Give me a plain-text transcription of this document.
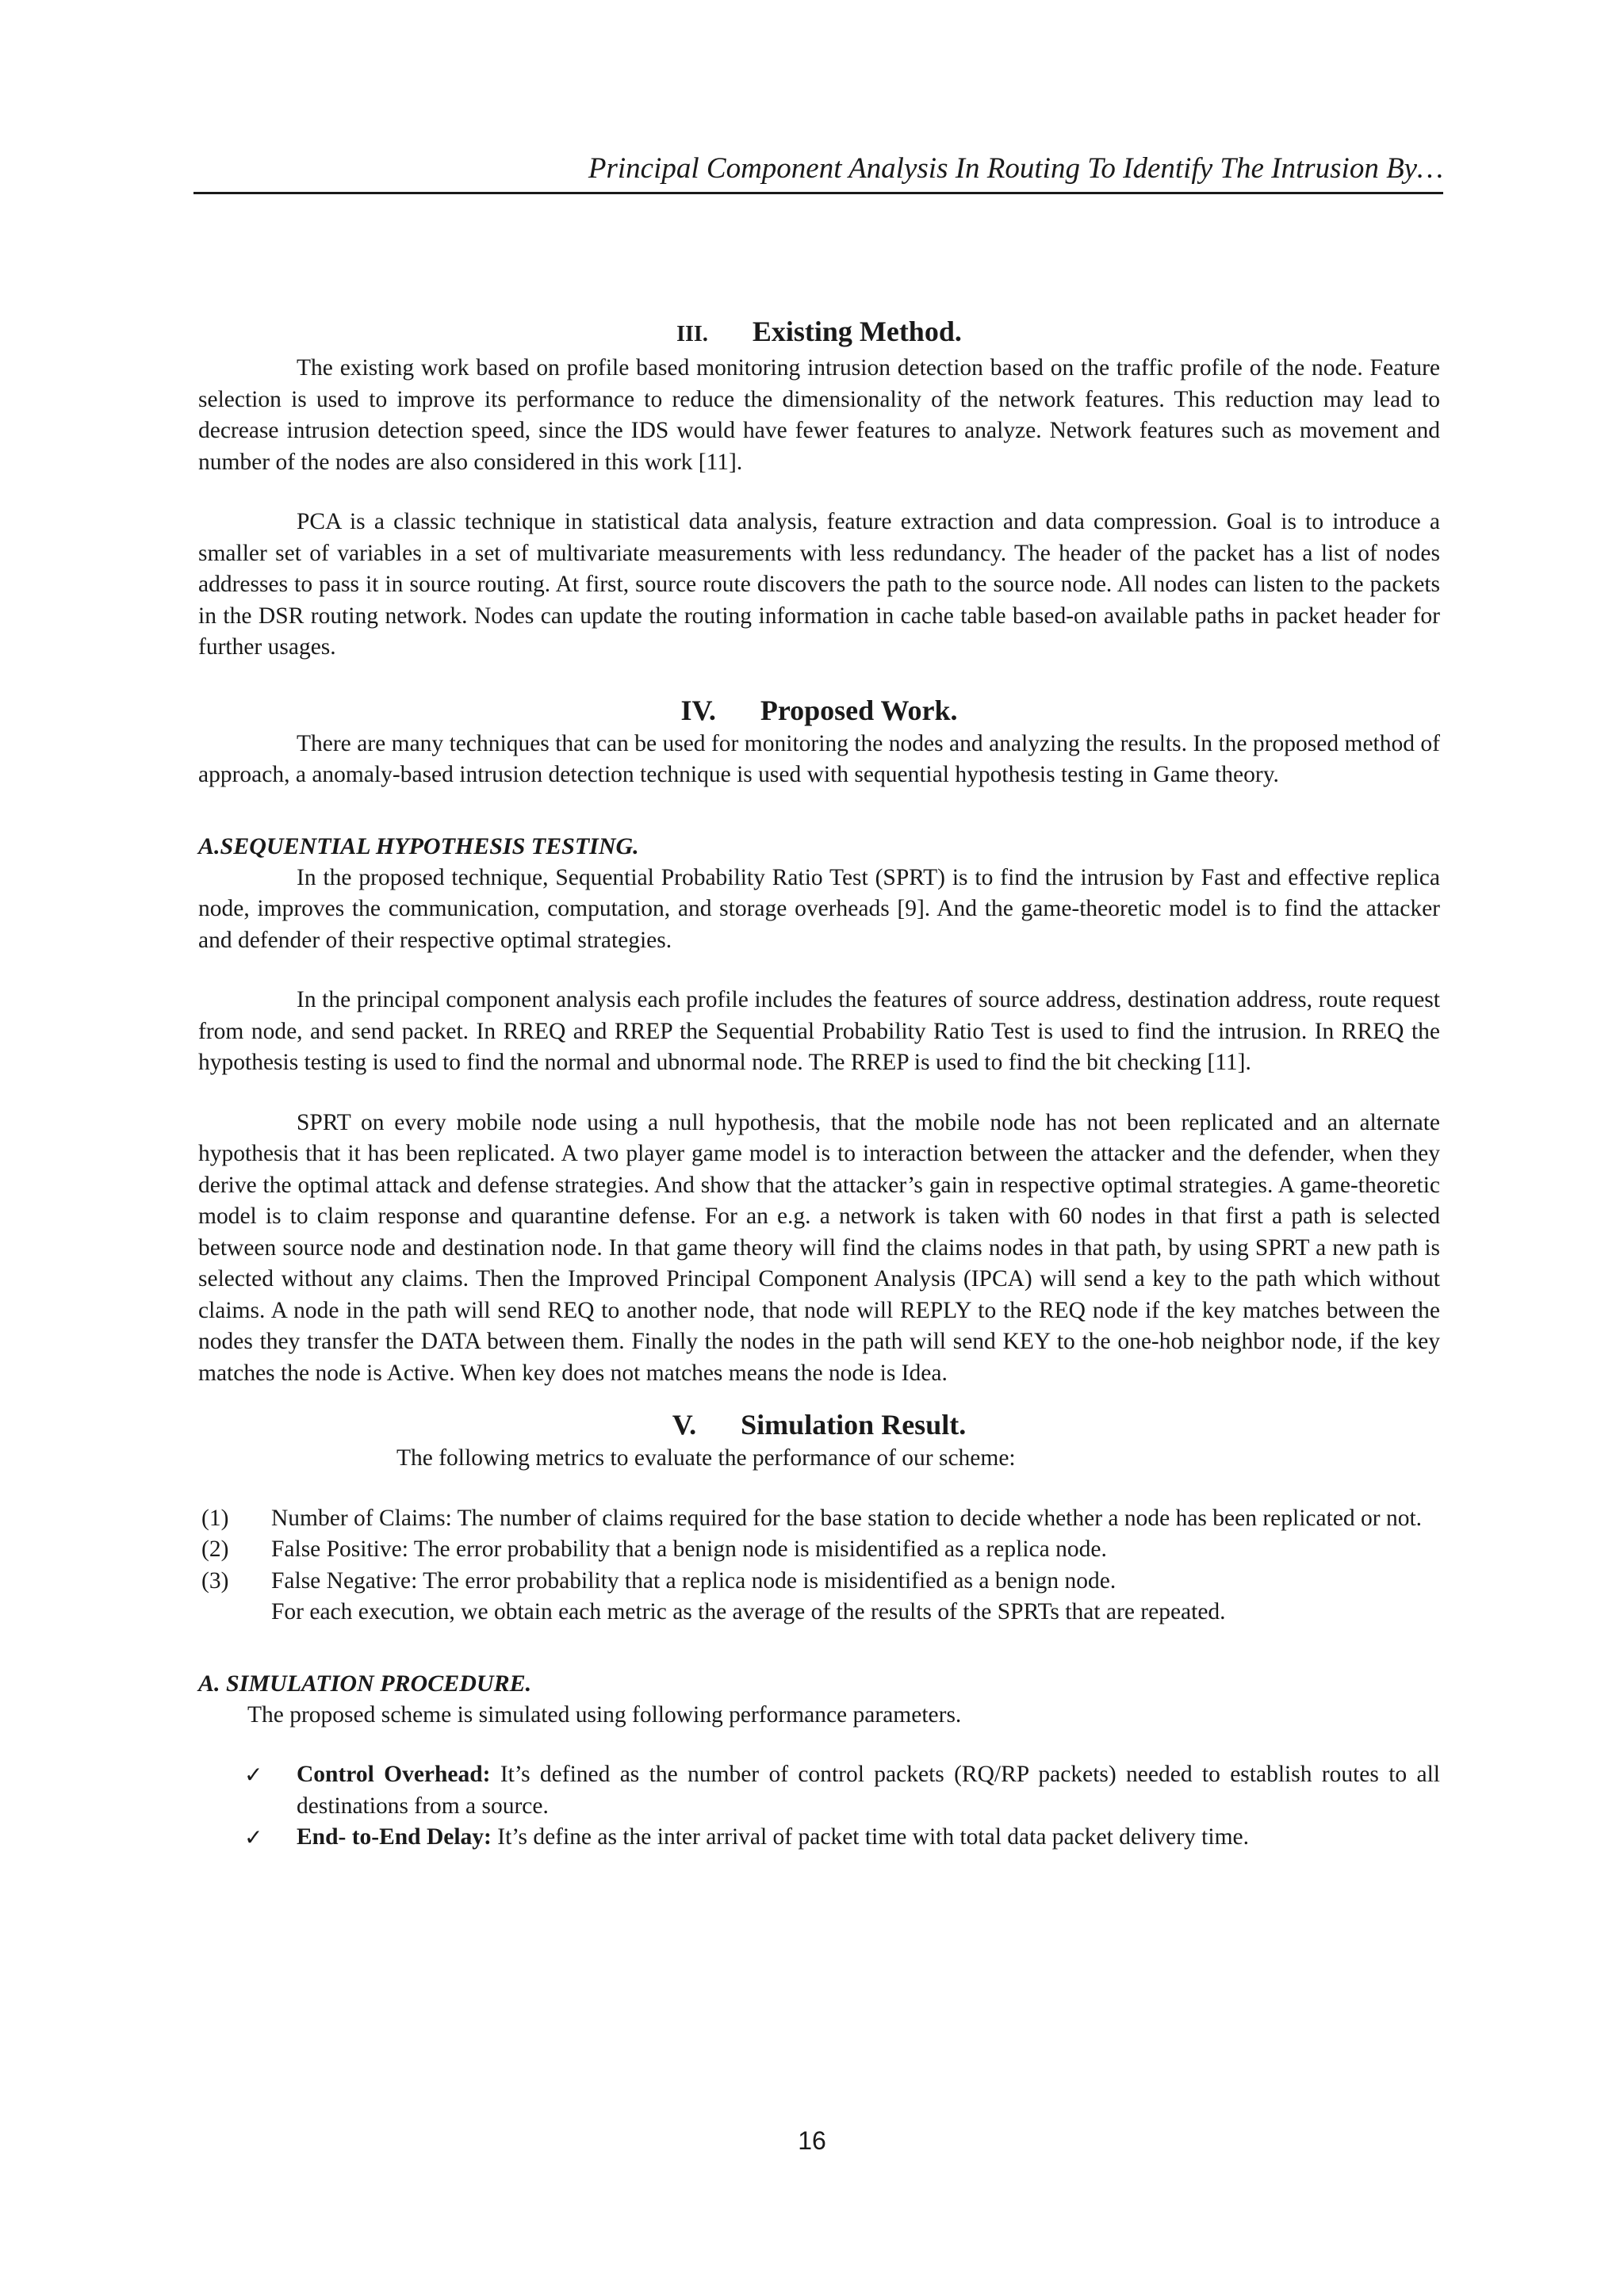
Principal Component Analysis In Routing To Identify The Intrusion By…
III. Existing Method.

The existing work based on profile based monitoring intrusion detection based on the traffic profile of the node. Feature selection is used to improve its performance to reduce the dimensionality of the network features. This reduction may lead to decrease intrusion detection speed, since the IDS would have fewer features to analyze. Network features such as movement and number of the nodes are also considered in this work [11].

PCA is a classic technique in statistical data analysis, feature extraction and data compression. Goal is to introduce a smaller set of variables in a set of multivariate measurements with less redundancy. The header of the packet has a list of nodes addresses to pass it in source routing. At first, source route discovers the path to the source node. All nodes can listen to the packets in the DSR routing network. Nodes can update the routing information in cache table based-on available paths in packet header for further usages.

IV. Proposed Work.

There are many techniques that can be used for monitoring the nodes and analyzing the results. In the proposed method of approach, a anomaly-based intrusion detection technique is used with sequential hypothesis testing in Game theory.

A.SEQUENTIAL HYPOTHESIS TESTING.

In the proposed technique, Sequential Probability Ratio Test (SPRT) is to find the intrusion by Fast and effective replica node, improves the communication, computation, and storage overheads [9]. And the game-theoretic model is to find the attacker and defender of their respective optimal strategies.

In the principal component analysis each profile includes the features of source address, destination address, route request from node, and send packet. In RREQ and RREP the Sequential Probability Ratio Test is used to find the intrusion. In RREQ the hypothesis testing is used to find the normal and ubnormal node. The RREP is used to find the bit checking [11].

SPRT on every mobile node using a null hypothesis, that the mobile node has not been replicated and an alternate hypothesis that it has been replicated. A two player game model is to interaction between the attacker and the defender, when they derive the optimal attack and defense strategies. And show that the attacker’s gain in respective optimal strategies. A game-theoretic model is to claim response and quarantine defense. For an e.g. a network is taken with 60 nodes in that first a path is selected between source node and destination node. In that game theory will find the claims nodes in that path, by using SPRT a new path is selected without any claims. Then the Improved Principal Component Analysis (IPCA) will send a key to the path which without claims. A node in the path will send REQ to another node, that node will REPLY to the REQ node if the key matches between the nodes they transfer the DATA between them. Finally the nodes in the path will send KEY to the one-hob neighbor node, if the key matches the node is Active. When key does not matches means the node is Idea.

V. Simulation Result.

The following metrics to evaluate the performance of our scheme:

(1) Number of Claims: The number of claims required for the base station to decide whether a node has been replicated or not.
(2) False Positive: The error probability that a benign node is misidentified as a replica node.
(3) False Negative: The error probability that a replica node is misidentified as a benign node.

For each execution, we obtain each metric as the average of the results of the SPRTs that are repeated.

A. SIMULATION PROCEDURE.

The proposed scheme is simulated using following performance parameters.

✓ Control Overhead: It’s defined as the number of control packets (RQ/RP packets) needed to establish routes to all destinations from a source.
✓ End- to-End Delay: It’s define as the inter arrival of packet time with total data packet delivery time.
16
